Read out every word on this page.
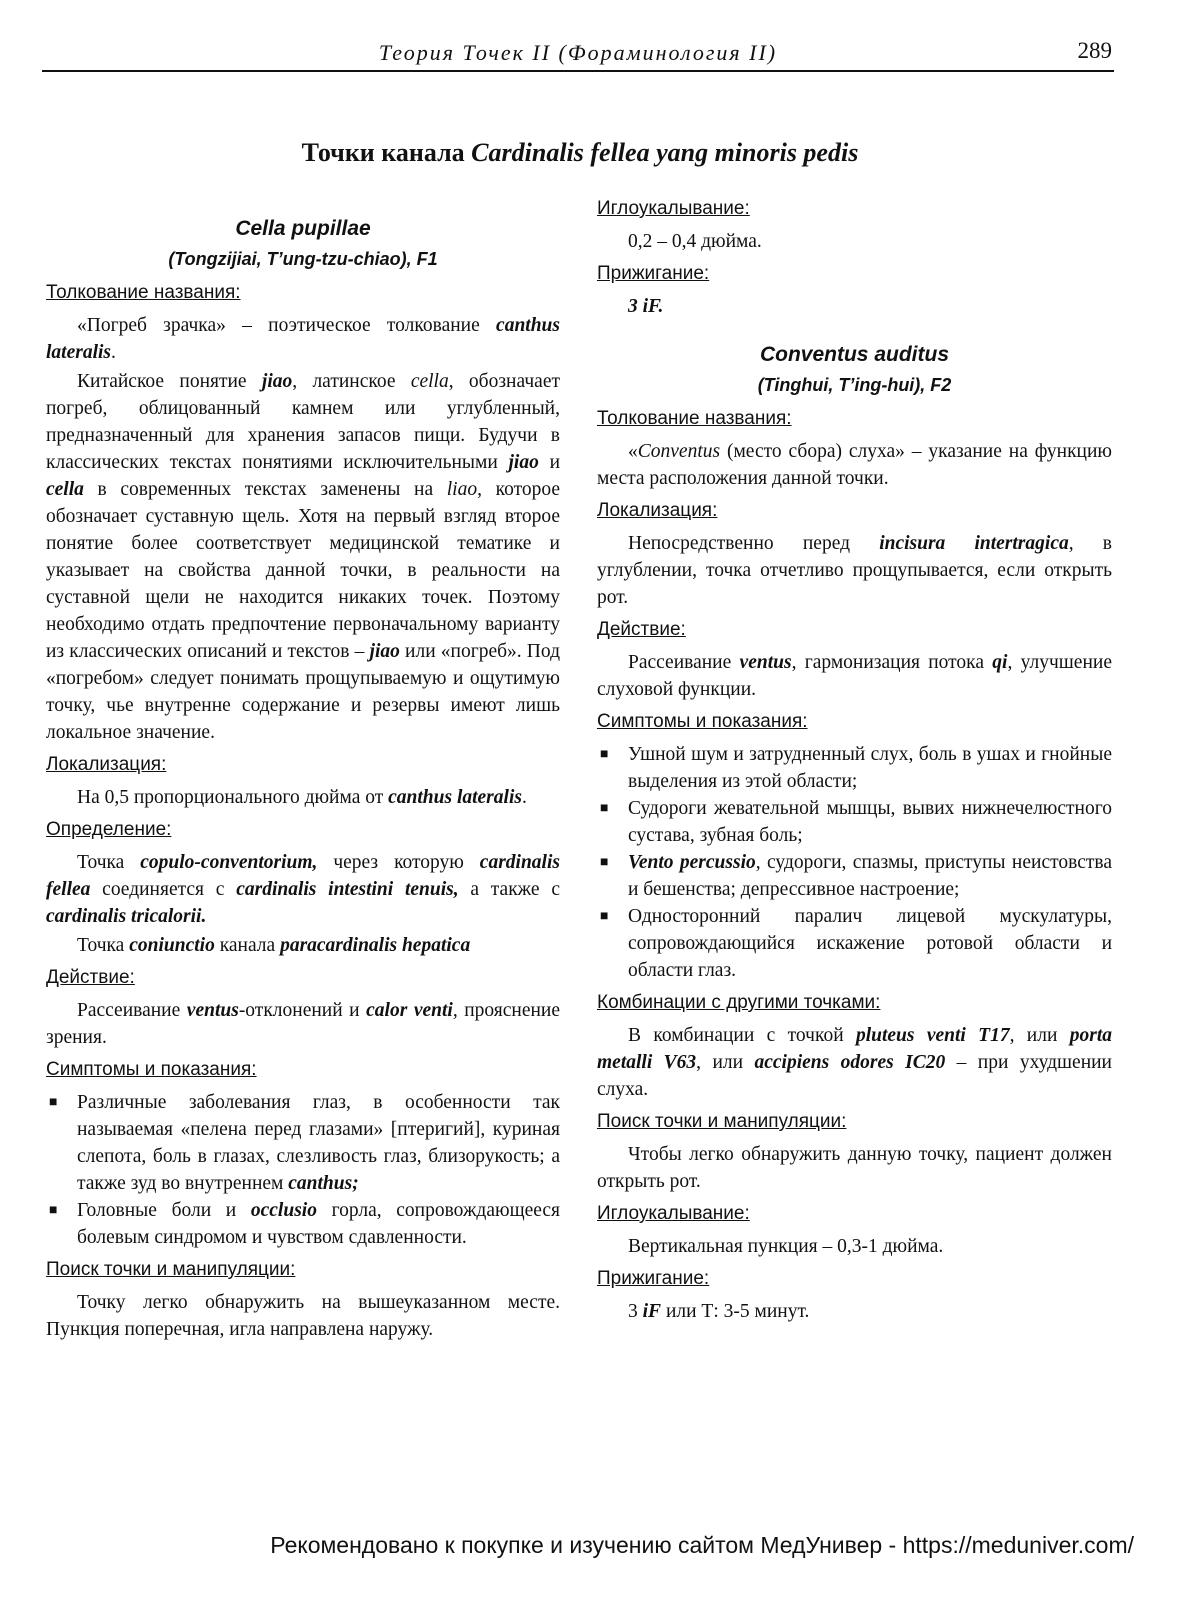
Теория Точек II (Фораминология II)	289
Точки канала Cardinalis fellea yang minoris pedis
Cella pupillae
(Tongzijiai, T’ung-tzu-chiao), F1
Толкование названия:

«Погреб зрачка» – поэтическое толкование canthus lateralis.

Китайское понятие jiao, латинское cella, обозначает погреб, облицованный камнем или углубленный, предназначенный для хранения запасов пищи. Будучи в классических текстах понятиями исключительными jiao и cella в современных текстах заменены на liao, которое обозначает суставную щель. Хотя на первый взгляд второе понятие более соответствует медицинской тематике и указывает на свойства данной точки, в реальности на суставной щели не находится никаких точек. Поэтому необходимо отдать предпочтение первоначальному варианту из классических описаний и текстов – jiao или «погреб». Под «погребом» следует понимать прощупываемую и ощутимую точку, чье внутренне содержание и резервы имеют лишь локальное значение.

Локализация:

На 0,5 пропорционального дюйма от canthus lateralis.

Определение:

Точка copulo-conventorium, через которую cardinalis fellea соединяется с cardinalis intestini tenuis, а также с cardinalis tricalorii.

Точка coniunctio канала paracardinalis hepatica

Действие:

Рассеивание ventus-отклонений и calor venti, прояснение зрения.

Симптомы и показания:
■ Различные заболевания глаз, в особенности так называемая «пелена перед глазами» [птеригий], куриная слепота, боль в глазах, слезливость глаз, близорукость; а также зуд во внутреннем canthus;
■ Головные боли и occlusio горла, сопровождающееся болевым синдромом и чувством сдавленности.
Поиск точки и манипуляции:

Точку легко обнаружить на вышеуказанном месте. Пункция поперечная, игла направлена наружу.

Иглоукалывание:

0,2 – 0,4 дюйма.

Прижигание:

3 iF.

Conventus auditus
(Tinghui, T’ing-hui), F2
Толкование названия:

«Conventus (место сбора) слуха» – указание на функцию места расположения данной точки.

Локализация:

Непосредственно перед incisura intertragica, в углублении, точка отчетливо прощупывается, если открыть рот.

Действие:

Рассеивание ventus, гармонизация потока qi, улучшение слуховой функции.

Симптомы и показания:
■ Ушной шум и затрудненный слух, боль в ушах и гнойные выделения из этой области;
■ Судороги жевательной мышцы, вывих нижнечелюстного сустава, зубная боль;
■ Vento percussio, судороги, спазмы, приступы неистовства и бешенства; депрессивное настроение;
■ Односторонний паралич лицевой мускулатуры, сопровождающийся искажение ротовой области и области глаз.
Комбинации с другими точками:

В комбинации с точкой pluteus venti T17, или porta metalli V63, или accipiens odores IC20 – при ухудшении слуха.

Поиск точки и манипуляции:

Чтобы легко обнаружить данную точку, пациент должен открыть рот.

Иглоукалывание:

Вертикальная пункция – 0,3-1 дюйма.

Прижигание:

3 iF или Т: 3-5 минут.

Рекомендовано к покупке и изучению сайтом МедУнивер - https://meduniver.com/
